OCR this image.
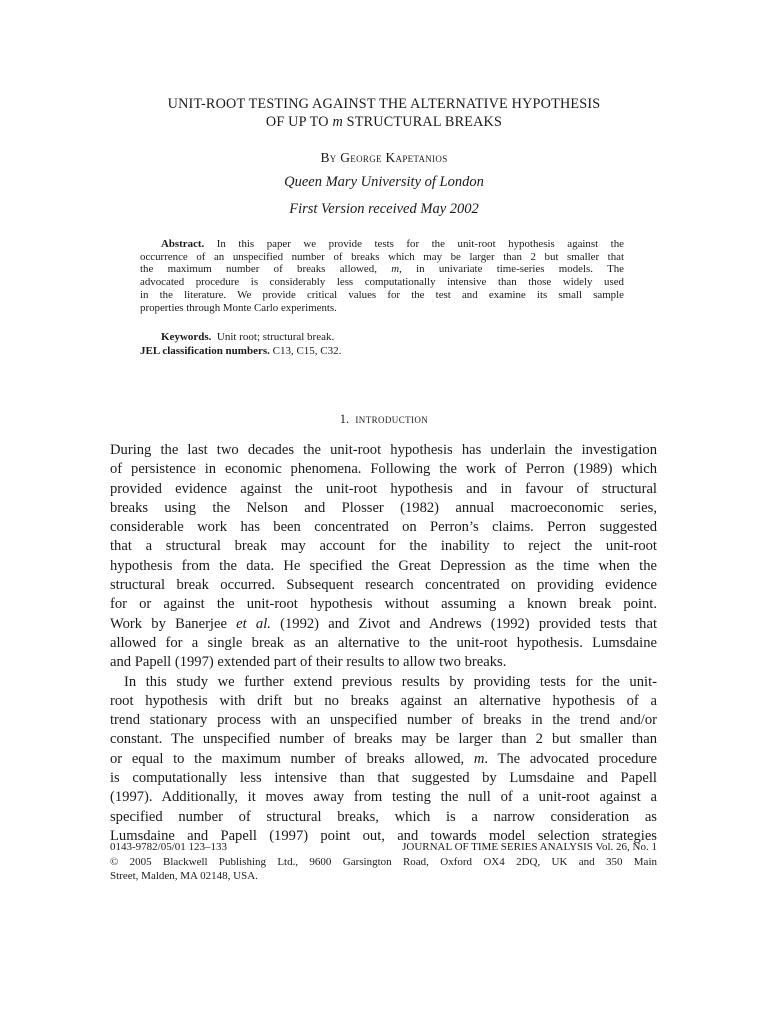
UNIT-ROOT TESTING AGAINST THE ALTERNATIVE HYPOTHESIS
OF UP TO m STRUCTURAL BREAKS
By George Kapetanios
Queen Mary University of London
First Version received May 2002
Abstract. In this paper we provide tests for the unit-root hypothesis against the
occurrence of an unspecified number of breaks which may be larger than 2 but smaller that
the maximum number of breaks allowed, m, in univariate time-series models. The
advocated procedure is considerably less computationally intensive than those widely used
in the literature. We provide critical values for the test and examine its small sample
properties through Monte Carlo experiments.
Keywords.  Unit root; structural break.
JEL classification numbers. C13, C15, C32.
1.  introduction
During the last two decades the unit-root hypothesis has underlain the investigation
of persistence in economic phenomena. Following the work of Perron (1989) which
provided evidence against the unit-root hypothesis and in favour of structural
breaks using the Nelson and Plosser (1982) annual macroeconomic series,
considerable work has been concentrated on Perron’s claims. Perron suggested
that a structural break may account for the inability to reject the unit-root
hypothesis from the data. He specified the Great Depression as the time when the
structural break occurred. Subsequent research concentrated on providing evidence
for or against the unit-root hypothesis without assuming a known break point.
Work by Banerjee et al. (1992) and Zivot and Andrews (1992) provided tests that
allowed for a single break as an alternative to the unit-root hypothesis. Lumsdaine
and Papell (1997) extended part of their results to allow two breaks.
In this study we further extend previous results by providing tests for the unit-
root hypothesis with drift but no breaks against an alternative hypothesis of a
trend stationary process with an unspecified number of breaks in the trend and/or
constant. The unspecified number of breaks may be larger than 2 but smaller than
or equal to the maximum number of breaks allowed, m. The advocated procedure
is computationally less intensive than that suggested by Lumsdaine and Papell
(1997). Additionally, it moves away from testing the null of a unit-root against a
specified number of structural breaks, which is a narrow consideration as
Lumsdaine and Papell (1997) point out, and towards model selection strategies
0143-9782/05/01 123–133	JOURNAL OF TIME SERIES ANALYSIS Vol. 26, No. 1
© 2005 Blackwell Publishing Ltd., 9600 Garsington Road, Oxford OX4 2DQ, UK and 350 Main
Street, Malden, MA 02148, USA.
